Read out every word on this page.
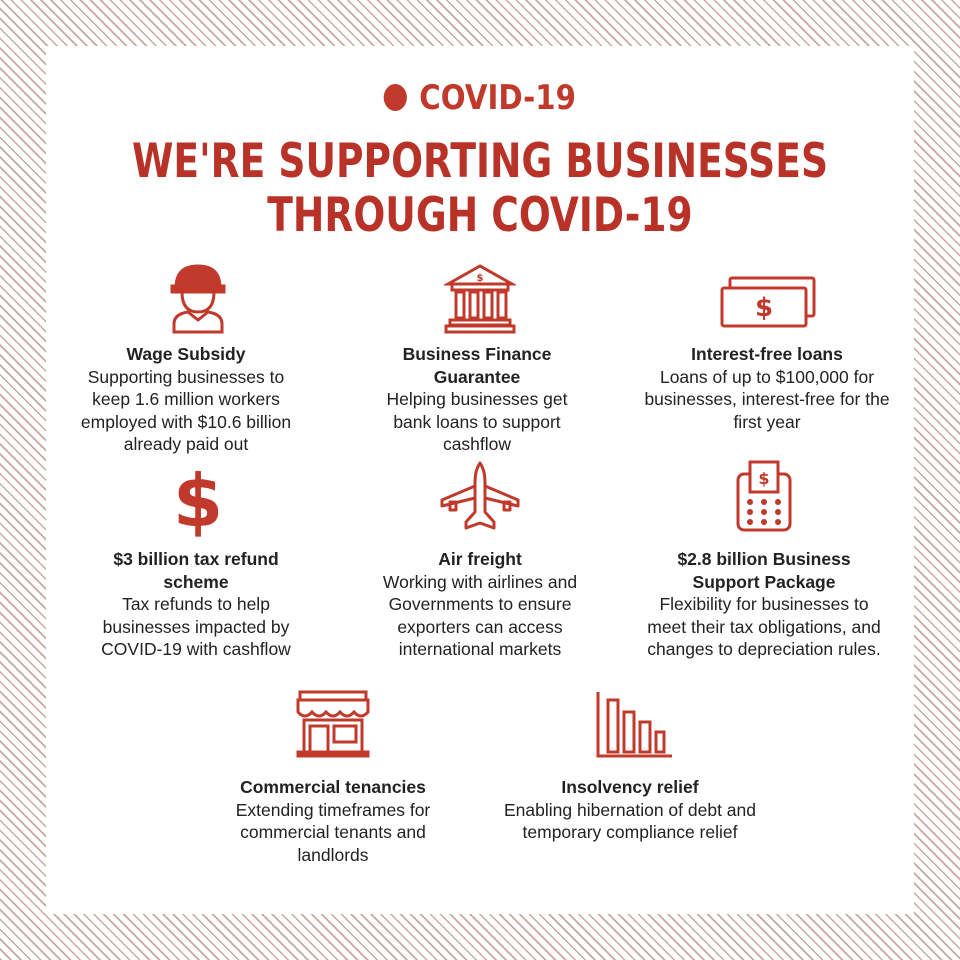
COVID-19
WE'RE SUPPORTING BUSINESSES
THROUGH COVID-19
$
$
$	$
Wage Subsidy
Supporting businesses to keep 1.6 million workers employed with $10.6 billion already paid out
Business Finance Guarantee
Helping businesses get bank loans to support cashflow
Interest-free loans
Loans of up to $100,000 for businesses, interest-free for the first year
$3 billion tax refund scheme
Tax refunds to help businesses impacted by COVID-19 with cashflow
Air freight
Working with airlines and Governments to ensure exporters can access international markets
$2.8 billion Business Support Package
Flexibility for businesses to meet their tax obligations, and changes to depreciation rules.
Commercial tenancies
Extending timeframes for commercial tenants and landlords
Insolvency relief
Enabling hibernation of debt and temporary compliance relief
